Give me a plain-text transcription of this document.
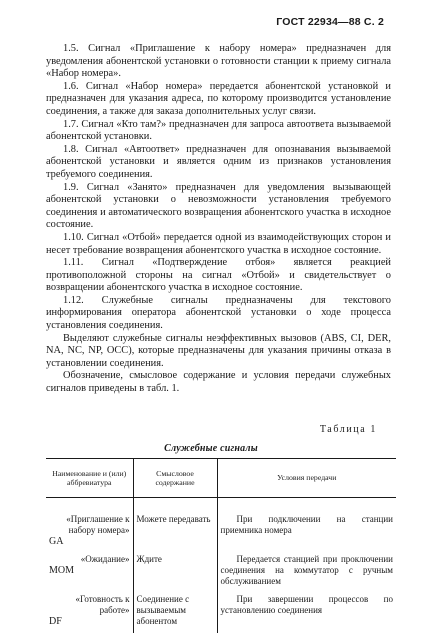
ГОСТ 22934—88 С. 2

1.5. Сигнал «Приглашение к набору номера» предназначен для уведомления абонентской установки о готовности станции к приему сигнала «Набор номера».

1.6. Сигнал «Набор номера» передается абонентской установкой и предназначен для указания адреса, по которому производится установление соединения, а также для заказа дополнительных услуг связи.

1.7. Сигнал «Кто там?» предназначен для запроса автоответа вызываемой абонентской установки.

1.8. Сигнал «Автоответ» предназначен для опознавания вызываемой абонентской установки и является одним из признаков установления требуемого соединения.

1.9. Сигнал «Занято» предназначен для уведомления вызывающей абонентской установки о невозможности установления требуемого соединения и автоматического возвращения абонентского участка в исходное состояние.

1.10. Сигнал «Отбой» передается одной из взаимодействующих сторон и несет требование возвращения абонентского участка в исходное состояние.

1.11. Сигнал «Подтверждение отбоя» является реакцией противоположной стороны на сигнал «Отбой» и свидетельствует о возвращении абонентского участка в исходное состояние.

1.12. Служебные сигналы предназначены для текстового информирования оператора абонентской установки о ходе процесса установления соединения.

Выделяют служебные сигналы неэффективных вызовов (ABS, CI, DER, NA, NC, NP, OCC), которые предназначены для указания причины отказа в установлении соединения.

Обозначение, смысловое содержание и условия передачи служебных сигналов приведены в табл. 1.

Таблица 1
Служебные сигналы
Наименование и (или) аббревиатура	Смысловое содержание	Условия передачи
«Приглашение к набору номера»
GA	Можете передавать	При подключении на станции приемника номера
«Ожидание»
MOM	Ждите	Передается станцией при проключении соединения на коммутатор с ручным обслуживанием
«Готовность к работе»
DF	Соединение с вызываемым абонентом	При завершении процессов по установлению соединения
